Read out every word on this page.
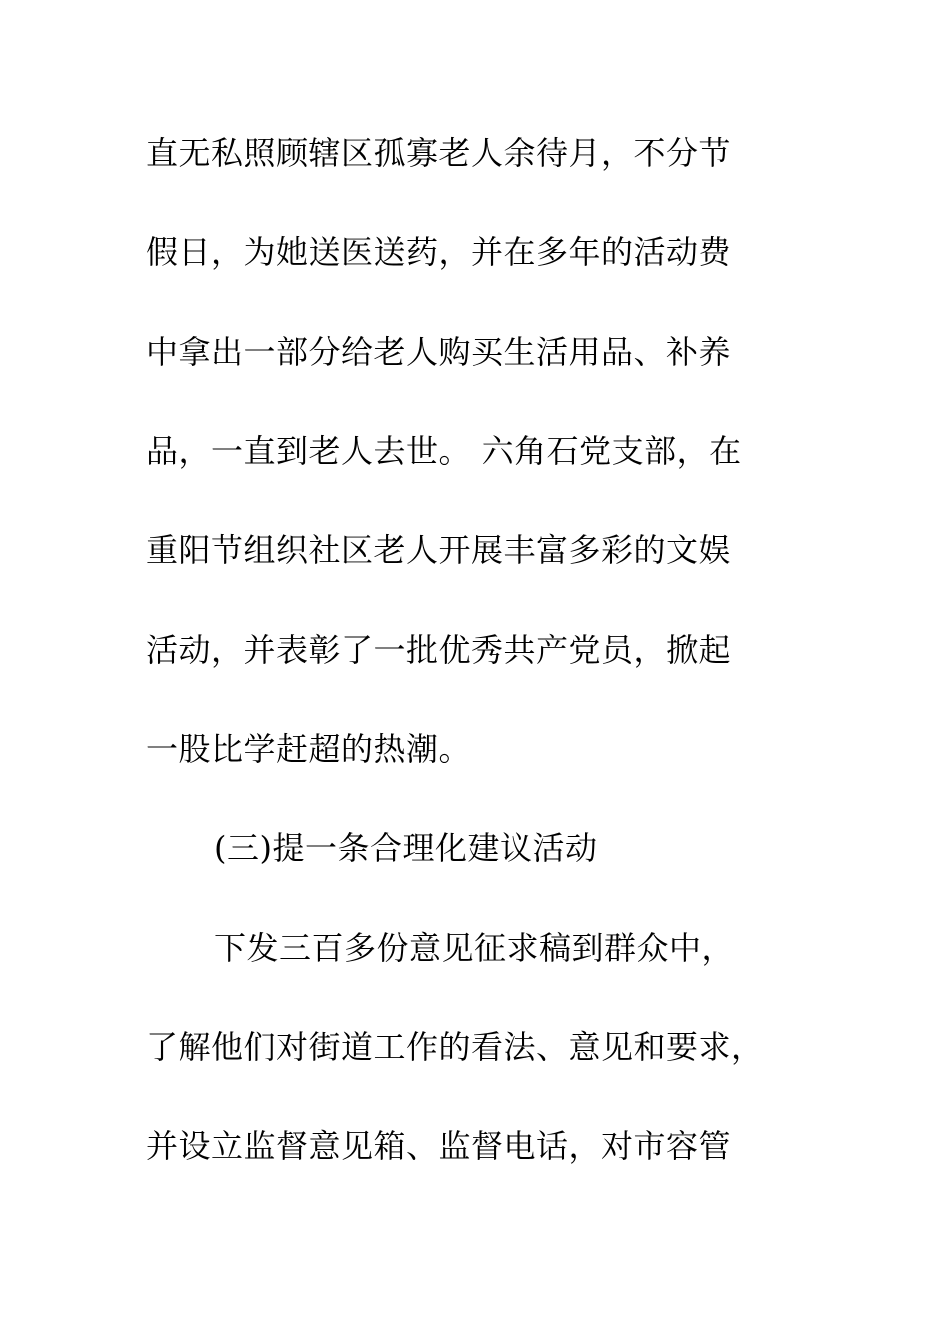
直无私照顾辖区孤寡老人余待月，不分节
假日，为她送医送药，并在多年的活动费
中拿出一部分给老人购买生活用品、补养
品，一直到老人去世。 六角石党支部，在
重阳节组织社区老人开展丰富多彩的文娱
活动，并表彰了一批优秀共产党员，掀起
一股比学赶超的热潮。
(三)提一条合理化建议活动
下发三百多份意见征求稿到群众中，
了解他们对街道工作的看法、意见和要求，
并设立监督意见箱、监督电话，对市容管
